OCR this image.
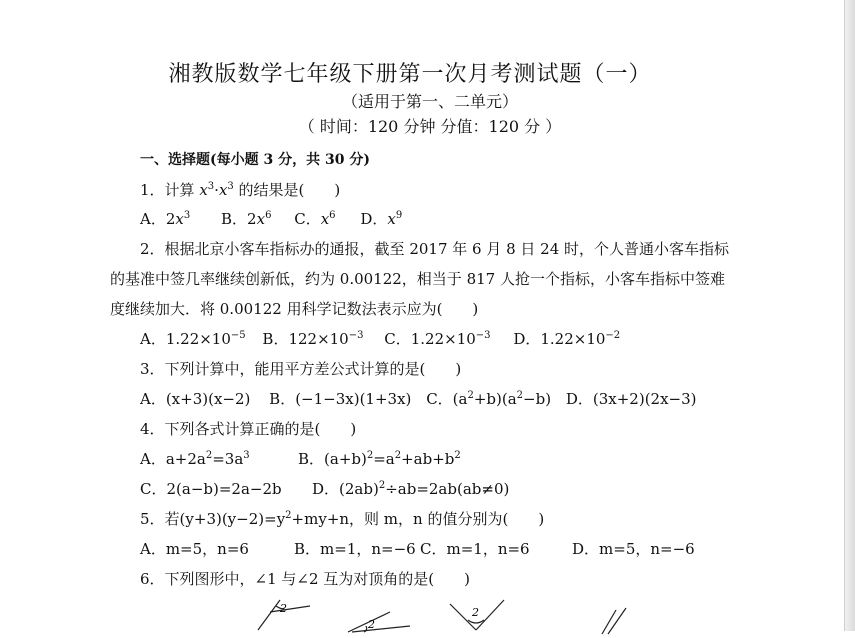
湘教版数学七年级下册第一次月考测试题（一）
（适用于第一、二单元）
（ 时间：120 分钟 分值：120 分 ）
一、选择题(每小题 3 分，共 30 分)
1．计算 $x^3\cdot x^3$ 的结果是(　　)
A．$2x^3$ B．$2x^6$ C．$x^6$ D．$x^9$
2．根据北京小客车指标办的通报，截至 2017 年 6 月 8 日 24 时，个人普通小客车指标
的基准中签几率继续创新低，约为 0.00122，相当于 817 人抢一个指标，小客车指标中签难
度继续加大．将 0.00122 用科学记数法表示应为(　　)
A．$1.22\times 10^{-5}$ B．$122\times 10^{-3}$ C．$1.22\times 10^{-3}$ D．$1.22\times 10^{-2}$
3．下列计算中，能用平方差公式计算的是(　　)
A．(x+3)(x−2) B．(−1−3x)(1+3x) C．$(a^2+b)(a^2-b)$ D．(3x+2)(2x−3)
4．下列各式计算正确的是(　　)
A．$a+2a^2=3a^3$	B．$(a+b)^2=a^2+ab+b^2$
C．2(a−b)=2a−2b D．$(2ab)^2\div ab=2ab(ab\ne 0)$
5．若$(y+3)(y-2)=y^2+my+n$，则 m，n 的值分别为(　　)
A．m=5，n=6	B．m=1，n=−6 C．m=1，n=6	D．m=5，n=−6
6．下列图形中，∠1 与∠2 互为对顶角的是(　　)
2
2
2
